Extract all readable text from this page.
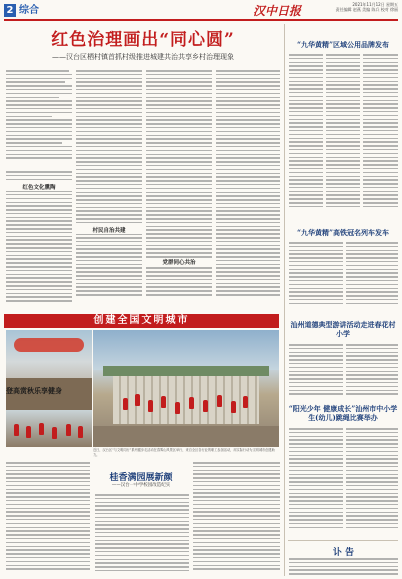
2 综合	汉中日报	2021年11月12日 星期五
责任编辑 赵燕 美编 陈兵 校对 徐丽
红色治理画出“同心圆”
——汉台区栖村镇首抓村级推进城建共治共享乡村治理现象
红色文化熏陶
村民自治共建
党群同心共治
“九华黄精”区域公用品牌发布
“九华黄精”高铁冠名列车发车
汕州道德典型游讲活动走进春花村小学
“阳光少年 健康成长”汕州市中小学生(幼儿)跳绳比赛举办
讣 告
创建全国文明城市
登高赏秋乐享健身
近日，汉台区“与文明同行”系列健步走活动在春雾山风景区举行，来自全区各行业的职工参加活动，用实际行动为文明城市创建助力。
桂香满园展新颜
——汉台一中学校园改造纪实
